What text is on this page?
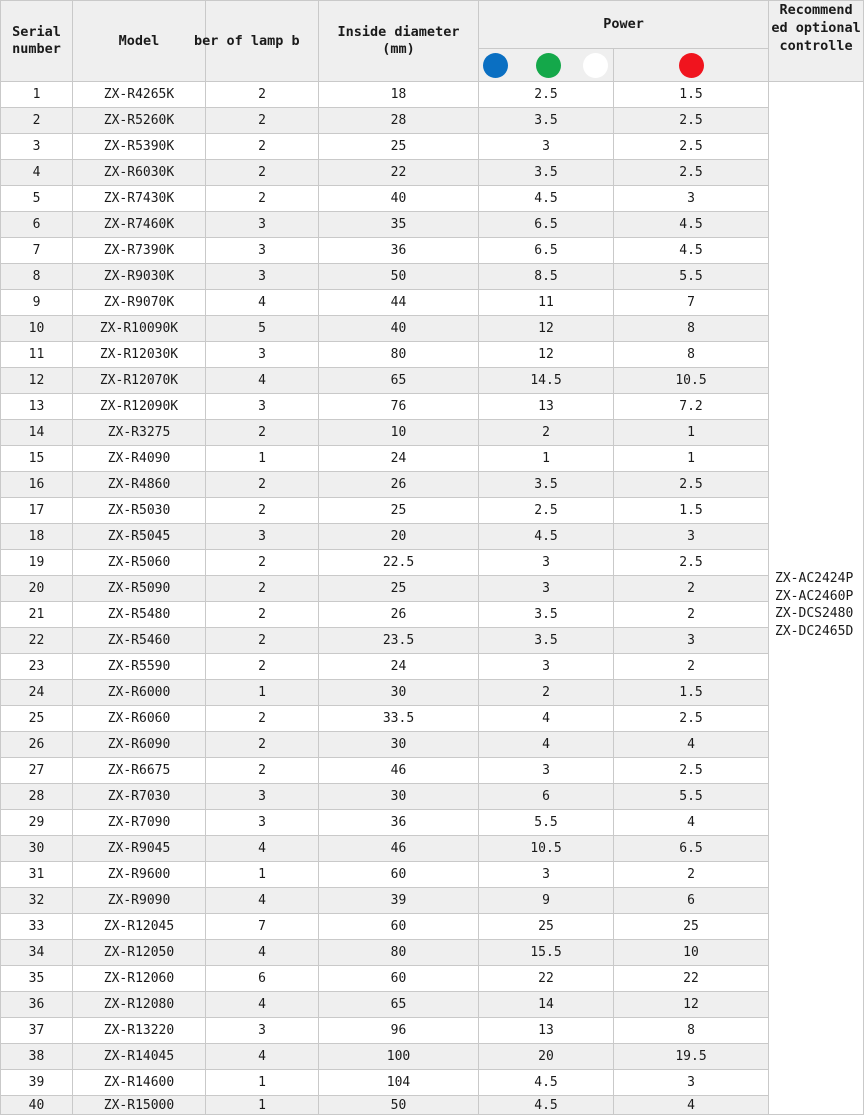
Serial number	Model	ber of lamp b	Inside diameter (mm)	Power		Recommend ed optional controlle

1	ZX-R4265K	2	18	2.5	1.5	ZX-AC2424P
ZX-AC2460P
ZX-DCS2480
ZX-DC2465D

2	ZX-R5260K	2	28	3.5	2.5	
3	ZX-R5390K	2	25	3	2.5	
4	ZX-R6030K	2	22	3.5	2.5	
5	ZX-R7430K	2	40	4.5	3	
6	ZX-R7460K	3	35	6.5	4.5	
7	ZX-R7390K	3	36	6.5	4.5	
8	ZX-R9030K	3	50	8.5	5.5	
9	ZX-R9070K	4	44	11	7	
10	ZX-R10090K	5	40	12	8	
11	ZX-R12030K	3	80	12	8	
12	ZX-R12070K	4	65	14.5	10.5	
13	ZX-R12090K	3	76	13	7.2	
14	ZX-R3275	2	10	2	1	
15	ZX-R4090	1	24	1	1	
16	ZX-R4860	2	26	3.5	2.5	
17	ZX-R5030	2	25	2.5	1.5	
18	ZX-R5045	3	20	4.5	3	
19	ZX-R5060	2	22.5	3	2.5	
20	ZX-R5090	2	25	3	2	
21	ZX-R5480	2	26	3.5	2	
22	ZX-R5460	2	23.5	3.5	3	
23	ZX-R5590	2	24	3	2	
24	ZX-R6000	1	30	2	1.5	
25	ZX-R6060	2	33.5	4	2.5	
26	ZX-R6090	2	30	4	4	
27	ZX-R6675	2	46	3	2.5	
28	ZX-R7030	3	30	6	5.5	
29	ZX-R7090	3	36	5.5	4	
30	ZX-R9045	4	46	10.5	6.5	
31	ZX-R9600	1	60	3	2	
32	ZX-R9090	4	39	9	6	
33	ZX-R12045	7	60	25	25	
34	ZX-R12050	4	80	15.5	10	
35	ZX-R12060	6	60	22	22	
36	ZX-R12080	4	65	14	12	
37	ZX-R13220	3	96	13	8	
38	ZX-R14045	4	100	20	19.5	
39	ZX-R14600	1	104	4.5	3	
40	ZX-R15000	1	50	4.5	4	
